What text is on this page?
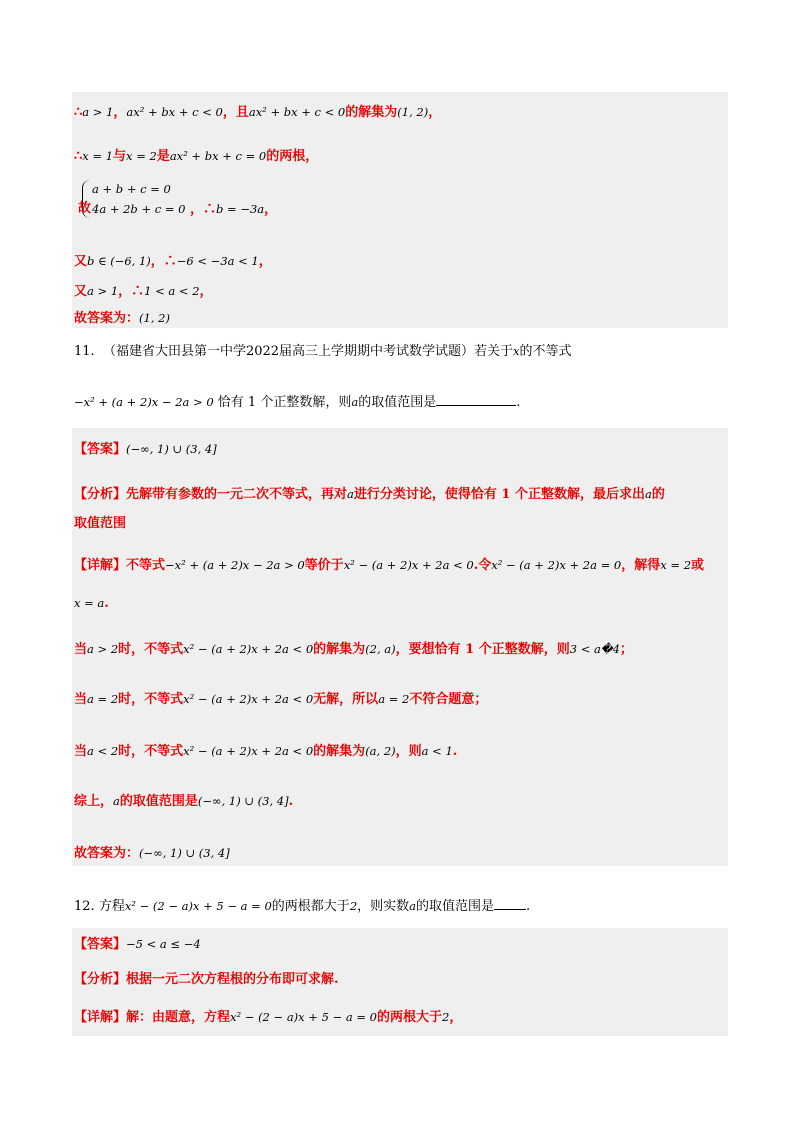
∴a > 1，ax² + bx + c < 0，且ax² + bx + c < 0的解集为(1, 2)，
∴x = 1与x = 2是ax² + bx + c = 0的两根，
a + b + c = 0
4a + 2b + c = 0
故	，∴b = −3a，
又b ∈ (−6, 1)，∴−6 < −3a < 1，
又a > 1，∴1 < a < 2，
故答案为：(1, 2)
11. （福建省大田县第一中学2022届高三上学期期中考试数学试题）若关于x的不等式
−x² + (a + 2)x − 2a > 0 恰有 1 个正整数解，则a的取值范围是	.
【答案】(−∞, 1) ∪ (3, 4]
【分析】先解带有参数的一元二次不等式，再对a进行分类讨论，使得恰有 1 个正整数解，最后求出a的
取值范围
【详解】不等式−x² + (a + 2)x − 2a > 0等价于x² − (a + 2)x + 2a < 0.令x² − (a + 2)x + 2a = 0，解得x = 2或
x = a.
当a > 2时，不等式x² − (a + 2)x + 2a < 0的解集为(2, a)，要想恰有 1 个正整数解，则3 < a�4；
当a = 2时，不等式x² − (a + 2)x + 2a < 0无解，所以a = 2不符合题意；
当a < 2时，不等式x² − (a + 2)x + 2a < 0的解集为(a, 2)，则a < 1.
综上，a的取值范围是(−∞, 1) ∪ (3, 4].
故答案为：(−∞, 1) ∪ (3, 4]
12. 方程x² − (2 − a)x + 5 − a = 0的两根都大于2，则实数a的取值范围是 .
【答案】−5 < a ≤ −4
【分析】根据一元二次方程根的分布即可求解.
【详解】解：由题意，方程x² − (2 − a)x + 5 − a = 0的两根大于2，
